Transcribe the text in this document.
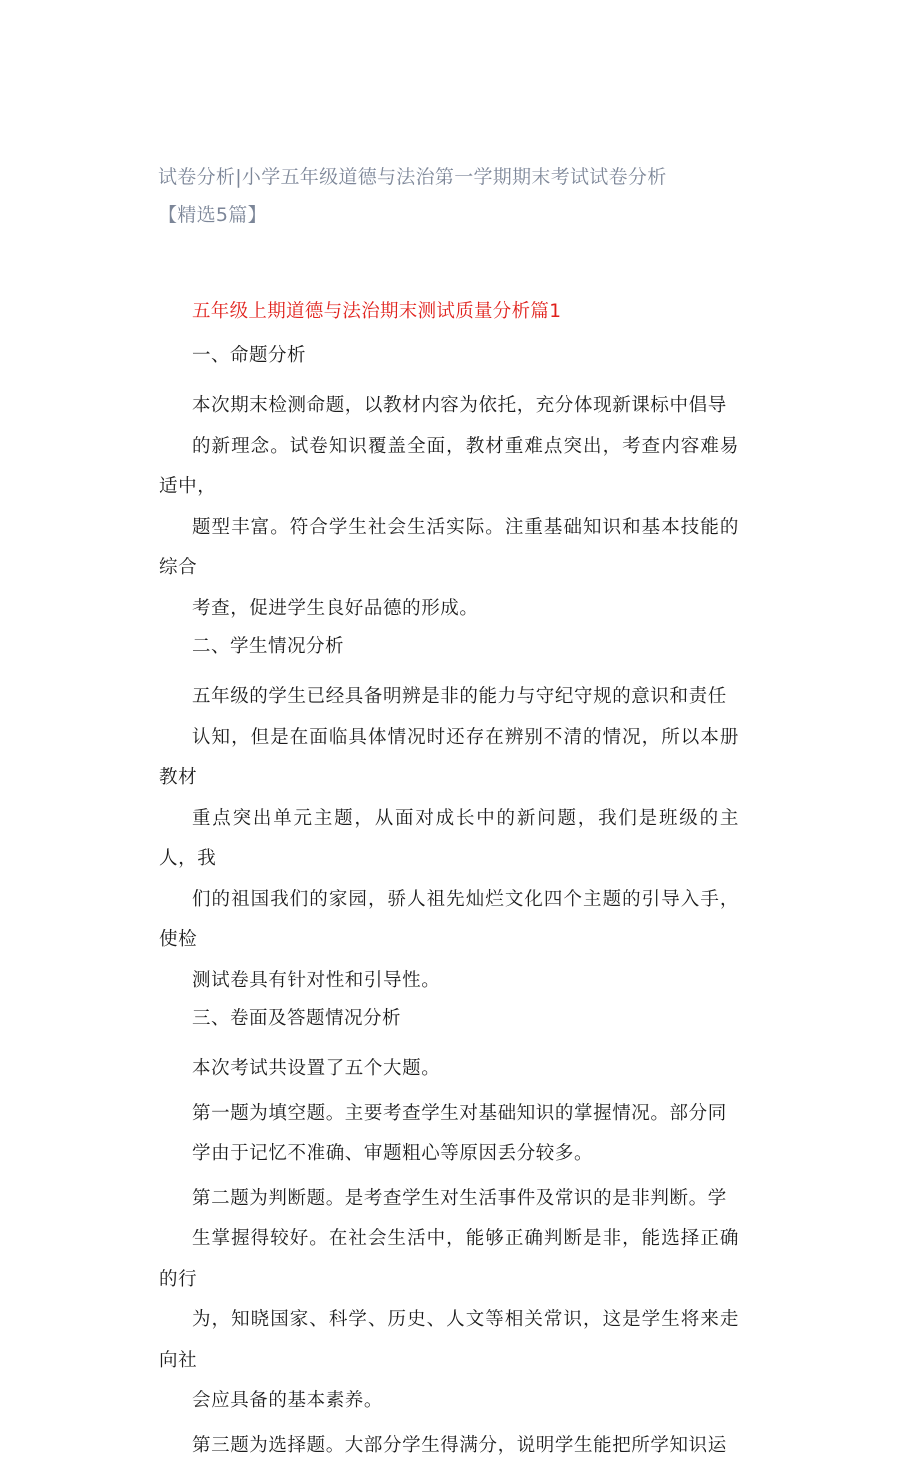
试卷分析|小学五年级道德与法治第一学期期末考试试卷分析
【精选5篇】
五年级上期道德与法治期末测试质量分析篇1
一、命题分析
本次期末检测命题，以教材内容为依托，充分体现新课标中倡导
的新理念。试卷知识覆盖全面，教材重难点突出，考查内容难易适中，
题型丰富。符合学生社会生活实际。注重基础知识和基本技能的综合
考查，促进学生良好品德的形成。
二、学生情况分析
五年级的学生已经具备明辨是非的能力与守纪守规的意识和责任
认知，但是在面临具体情况时还存在辨别不清的情况，所以本册教材
重点突出单元主题，从面对成长中的新问题，我们是班级的主人，我
们的祖国我们的家园，骄人祖先灿烂文化四个主题的引导入手，使检
测试卷具有针对性和引导性。
三、卷面及答题情况分析
本次考试共设置了五个大题。
第一题为填空题。主要考查学生对基础知识的掌握情况。部分同
学由于记忆不准确、审题粗心等原因丢分较多。
第二题为判断题。是考查学生对生活事件及常识的是非判断。学
生掌握得较好。在社会生活中，能够正确判断是非，能选择正确的行
为，知晓国家、科学、历史、人文等相关常识，这是学生将来走向社
会应具备的基本素养。
第三题为选择题。大部分学生得满分，说明学生能把所学知识运
